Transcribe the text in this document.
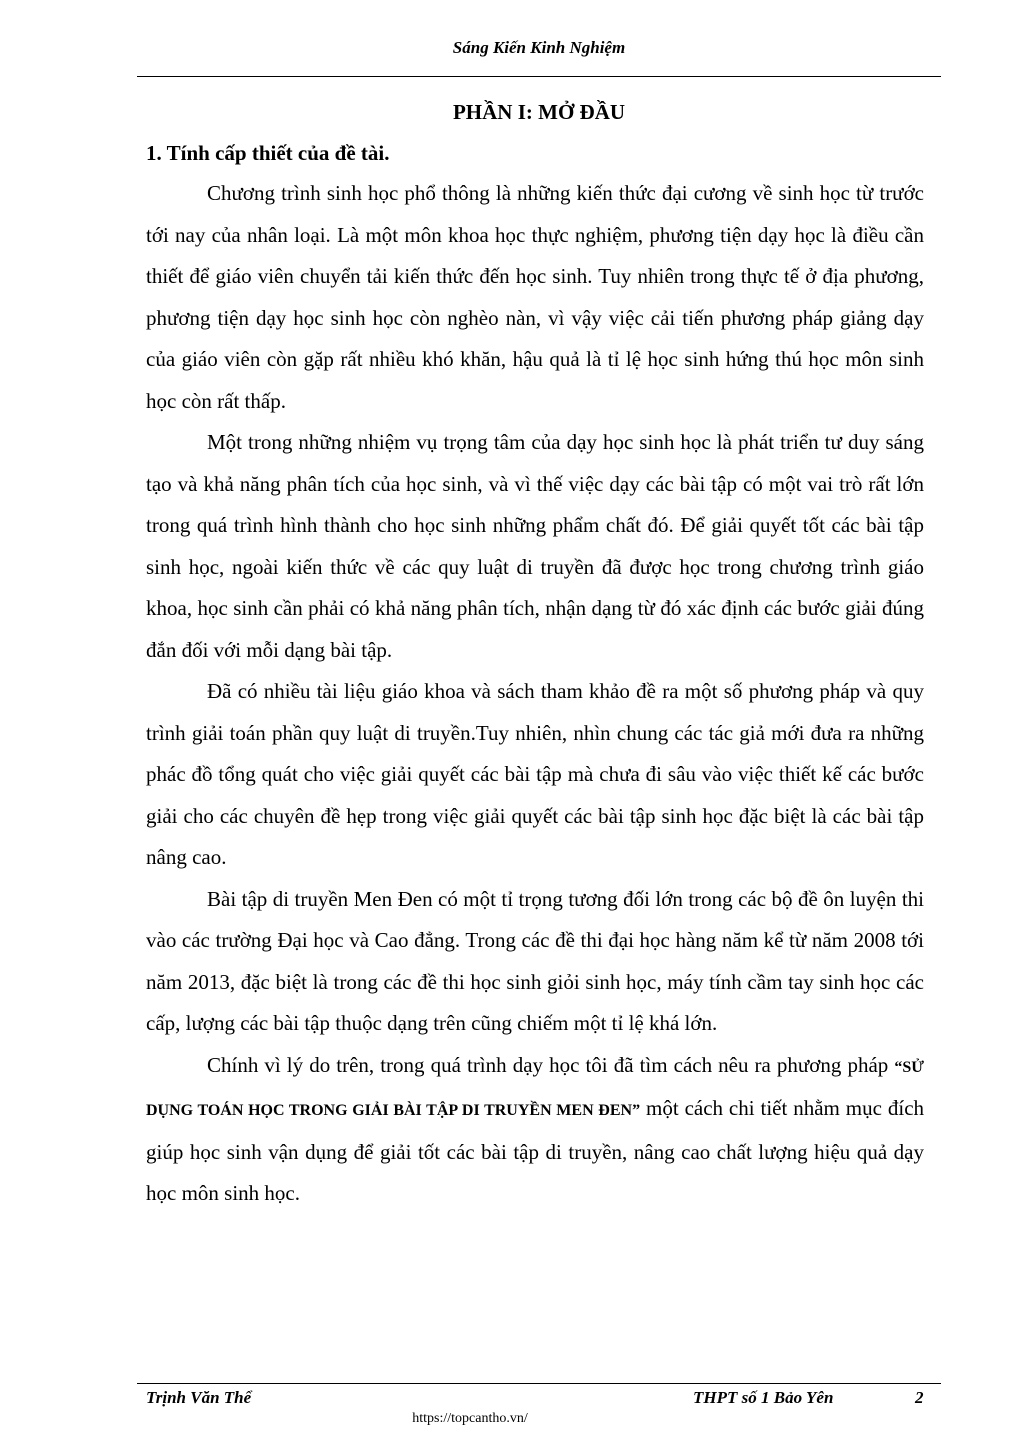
Sáng Kiến Kinh Nghiệm
PHẦN I: MỞ ĐẦU
1. Tính cấp thiết của đề tài.

Chương trình sinh học phổ thông là những kiến thức đại cương về sinh học từ trước tới nay của nhân loại. Là một môn khoa học thực nghiệm, phương tiện dạy học là điều cần thiết để giáo viên chuyển tải kiến thức đến học sinh. Tuy nhiên trong thực tế ở địa phương, phương tiện dạy học sinh học còn nghèo nàn, vì vậy việc cải tiến phương pháp giảng dạy của giáo viên còn gặp rất nhiều khó khăn, hậu quả là tỉ lệ học sinh hứng thú học môn sinh học còn rất thấp.

Một trong những nhiệm vụ trọng tâm của dạy học sinh học là phát triển tư duy sáng tạo và khả năng phân tích của học sinh, và vì thế việc dạy các bài tập có một vai trò rất lớn trong quá trình hình thành cho học sinh những phẩm chất đó. Để giải quyết tốt các bài tập sinh học, ngoài kiến thức về các quy luật di truyền đã được học trong chương trình giáo khoa, học sinh cần phải có khả năng phân tích, nhận dạng từ đó xác định các bước giải đúng đắn đối với mỗi dạng bài tập.

Đã có nhiều tài liệu giáo khoa và sách tham khảo đề ra một số phương pháp và quy trình giải toán phần quy luật di truyền.Tuy nhiên, nhìn chung các tác giả mới đưa ra những phác đồ tổng quát cho việc giải quyết các bài tập mà chưa đi sâu vào việc thiết kế các bước giải cho các chuyên đề hẹp trong việc giải quyết các bài tập sinh học đặc biệt là các bài tập nâng cao.

Bài tập di truyền Men Đen có một tỉ trọng tương đối lớn trong các bộ đề ôn luyện thi vào các trường Đại học và Cao đẳng. Trong các đề thi đại học hàng năm kể từ năm 2008 tới năm 2013, đặc biệt là trong các đề thi học sinh giỏi sinh học, máy tính cầm tay sinh học các cấp, lượng các bài tập thuộc dạng trên cũng chiếm một tỉ lệ khá lớn.

Chính vì lý do trên, trong quá trình dạy học tôi đã tìm cách nêu ra phương pháp “SỬ DỤNG TOÁN HỌC TRONG GIẢI BÀI TẬP DI TRUYỀN MEN ĐEN” một cách chi tiết nhằm mục đích giúp học sinh vận dụng để giải tốt các bài tập di truyền, nâng cao chất lượng hiệu quả dạy học môn sinh học.

Trịnh Văn Thể	THPT số 1 Bảo Yên	2
https://topcantho.vn/
